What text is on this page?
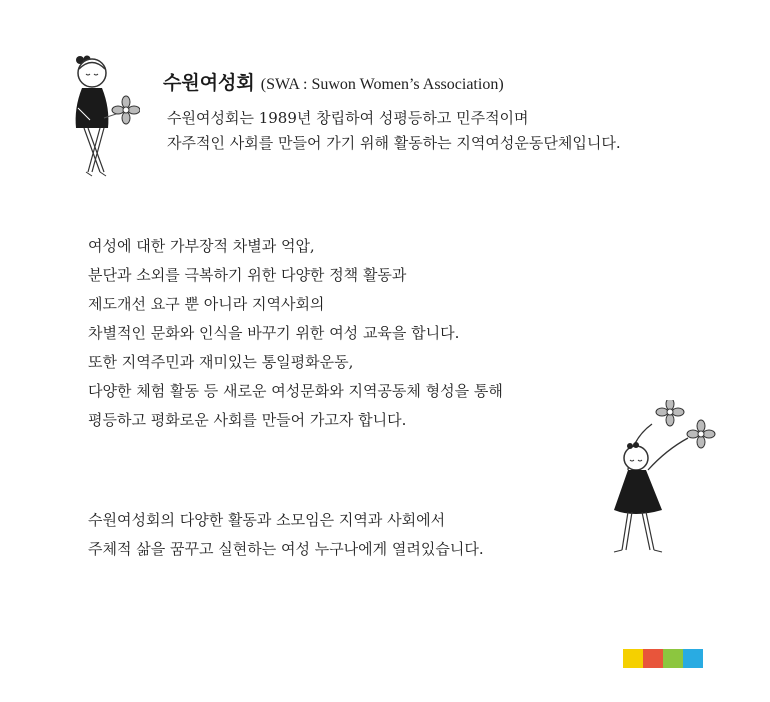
수원여성회 (SWA : Suwon Women’s Association)
수원여성회는 1989년 창립하여 성평등하고 민주적이며
자주적인 사회를 만들어 가기 위해 활동하는 지역여성운동단체입니다.
여성에 대한 가부장적 차별과 억압,
분단과 소외를 극복하기 위한 다양한 정책 활동과
제도개선 요구 뿐 아니라 지역사회의
차별적인 문화와 인식을 바꾸기 위한 여성 교육을 합니다.
또한 지역주민과 재미있는 통일평화운동,
다양한 체험 활동 등 새로운 여성문화와 지역공동체 형성을 통해
평등하고 평화로운 사회를 만들어 가고자 합니다.
수원여성회의 다양한 활동과 소모임은 지역과 사회에서
주체적 삶을 꿈꾸고 실현하는 여성 누구나에게 열려있습니다.
